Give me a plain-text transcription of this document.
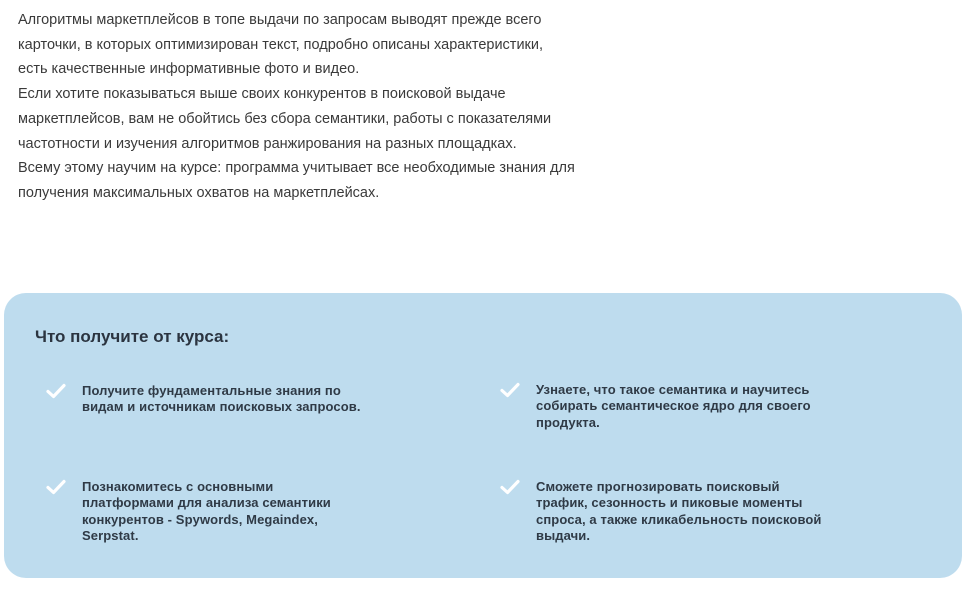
Алгоритмы маркетплейсов в топе выдачи по запросам выводят прежде всего

карточки, в которых оптимизирован текст, подробно описаны характеристики,

есть качественные информативные фото и видео.

Если хотите показываться выше своих конкурентов в поисковой выдаче

маркетплейсов, вам не обойтись без сбора семантики, работы с показателями

частотности и изучения алгоритмов ранжирования на разных площадках.

Всему этому научим на курсе: программа учитывает все необходимые знания для

получения максимальных охватов на маркетплейсах.

Что получите от курса:
Получите фундаментальные знания по
видам и источникам поисковых запросов.
Узнаете, что такое семантика и научитесь
собирать семантическое ядро для своего
продукта.
Познакомитесь с основными
платформами для анализа семантики
конкурентов - Spywords, Megaindex,
Serpstat.
Сможете прогнозировать поисковый
трафик, сезонность и пиковые моменты
спроса, а также кликабельность поисковой
выдачи.
